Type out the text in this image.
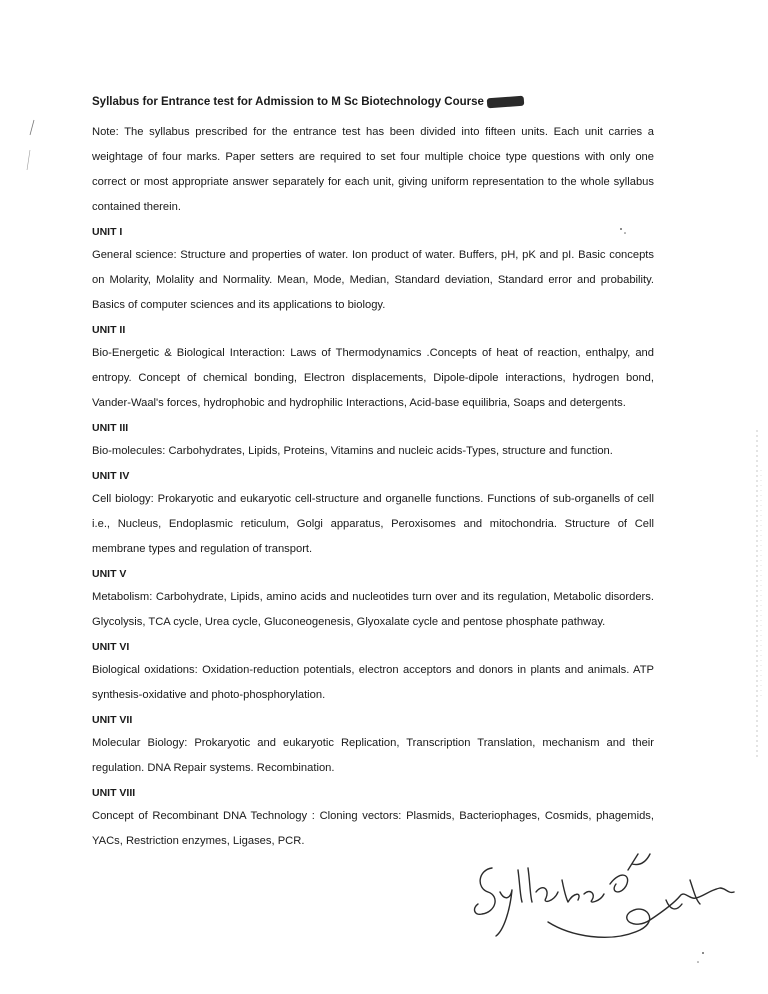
Syllabus for Entrance test for Admission to M Sc Biotechnology Course 2013-20

Note: The syllabus prescribed for the entrance test has been divided into fifteen units. Each unit carries a weightage of four marks. Paper setters are required to set four multiple choice type questions with only one correct or most appropriate answer separately for each unit, giving uniform representation to the whole syllabus contained therein.

UNIT I

General science: Structure and properties of water. Ion product of water. Buffers, pH, pK and pI. Basic concepts on Molarity, Molality and Normality. Mean, Mode, Median, Standard deviation, Standard error and probability. Basics of computer sciences and its applications to biology.

UNIT II

Bio-Energetic & Biological Interaction: Laws of Thermodynamics .Concepts of heat of reaction, enthalpy, and entropy. Concept of chemical bonding, Electron displacements, Dipole-dipole interactions, hydrogen bond, Vander-Waal's forces, hydrophobic and hydrophilic Interactions, Acid-base equilibria, Soaps and detergents.

UNIT III

Bio-molecules: Carbohydrates, Lipids, Proteins, Vitamins and nucleic acids-Types, structure and function.

UNIT IV

Cell biology: Prokaryotic and eukaryotic cell-structure and organelle functions. Functions of sub-organells of cell i.e., Nucleus, Endoplasmic reticulum, Golgi apparatus, Peroxisomes and mitochondria. Structure of Cell membrane types and regulation of transport.

UNIT V

Metabolism: Carbohydrate, Lipids, amino acids and nucleotides turn over and its regulation, Metabolic disorders. Glycolysis, TCA cycle, Urea cycle, Gluconeogenesis, Glyoxalate cycle and pentose phosphate pathway.

UNIT VI

Biological oxidations: Oxidation-reduction potentials, electron acceptors and donors in plants and animals. ATP synthesis-oxidative and photo-phosphorylation.

UNIT VII

Molecular Biology: Prokaryotic and eukaryotic Replication, Transcription Translation, mechanism and their regulation. DNA Repair systems. Recombination.

UNIT VIII

Concept of Recombinant DNA Technology : Cloning vectors: Plasmids, Bacteriophages, Cosmids, phagemids, YACs, Restriction enzymes, Ligases, PCR.
